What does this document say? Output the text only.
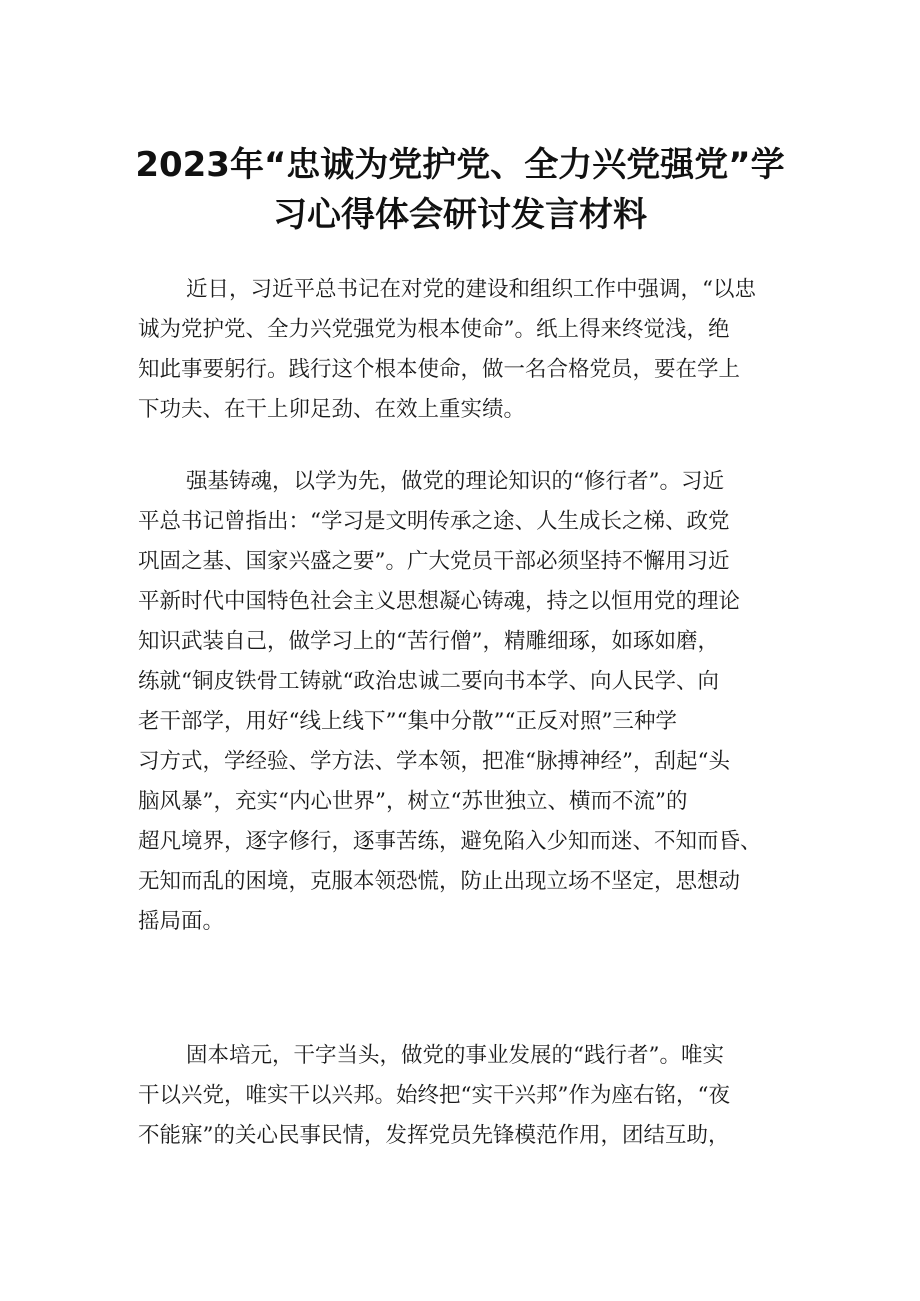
2023年“忠诚为党护党、全力兴党强党”学
习心得体会研讨发言材料
近日，习近平总书记在对党的建设和组织工作中强调，“以忠
诚为党护党、全力兴党强党为根本使命”。纸上得来终觉浅，绝
知此事要躬行。践行这个根本使命，做一名合格党员，要在学上
下功夫、在干上卯足劲、在效上重实绩。
强基铸魂，以学为先，做党的理论知识的“修行者”。习近
平总书记曾指出：“学习是文明传承之途、人生成长之梯、政党
巩固之基、国家兴盛之要”。广大党员干部必须坚持不懈用习近
平新时代中国特色社会主义思想凝心铸魂，持之以恒用党的理论
知识武装自己，做学习上的“苦行僧”，精雕细琢，如琢如磨，
练就“铜皮铁骨工铸就“政治忠诚二要向书本学、向人民学、向
老干部学，用好“线上线下”“集中分散”“正反对照”三种学
习方式，学经验、学方法、学本领，把准“脉搏神经”，刮起“头
脑风暴”，充实“内心世界”，树立“苏世独立、横而不流”的
超凡境界，逐字修行，逐事苦练，避免陷入少知而迷、不知而昏、
无知而乱的困境，克服本领恐慌，防止出现立场不坚定，思想动
摇局面。
固本培元，干字当头，做党的事业发展的“践行者”。唯实
干以兴党，唯实干以兴邦。始终把“实干兴邦”作为座右铭，“夜
不能寐”的关心民事民情，发挥党员先锋模范作用，团结互助，
